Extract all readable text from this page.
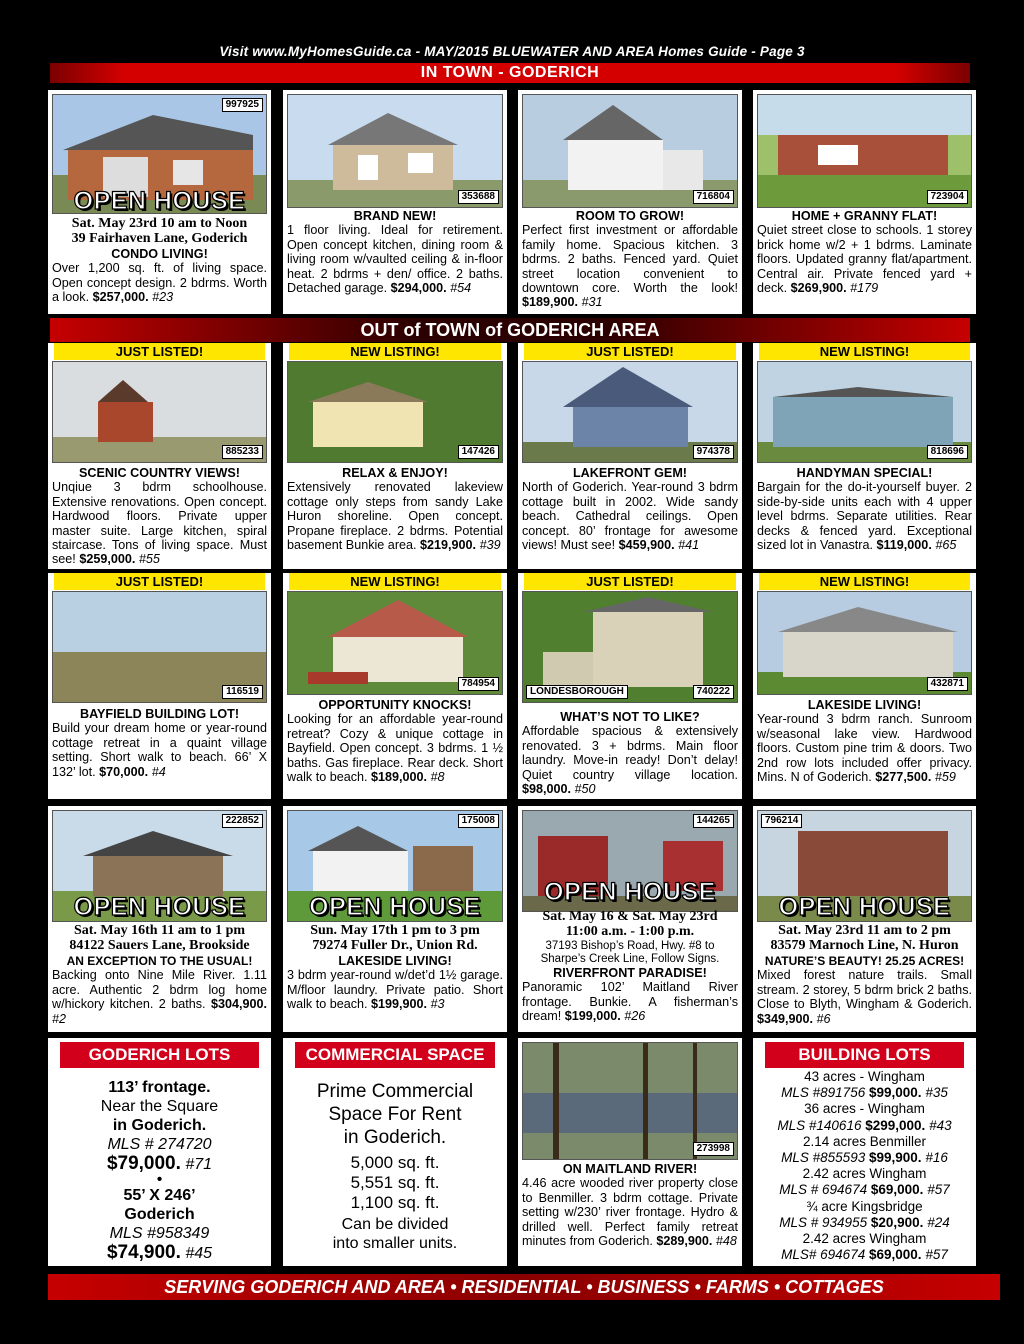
Visit www.MyHomesGuide.ca - MAY/2015 BLUEWATER AND AREA Homes Guide - Page 3
IN TOWN - GODERICH
OUT of TOWN of GODERICH AREA
997925
OPEN HOUSE
Sat. May 23rd 10 am to Noon
39 Fairhaven Lane, Goderich
CONDO LIVING!
Over 1,200 sq. ft. of living space. Open concept design. 2 bdrms. Worth a look. $257,000. #23
353688
BRAND NEW!
1 floor living. Ideal for retirement. Open concept kitchen, dining room & living room w/vaulted ceiling & in-floor heat. 2 bdrms + den/ office. 2 baths. Detached garage. $294,000. #54
716804
ROOM TO GROW!
Perfect first investment or affordable family home. Spacious kitchen. 3 bdrms. 2 baths. Fenced yard. Quiet street location convenient to downtown core. Worth the look! $189,900. #31
723904
HOME + GRANNY FLAT!
Quiet street close to schools. 1 storey brick home w/2 + 1 bdrms. Laminate floors. Updated granny flat/apartment. Central air. Private fenced yard + deck. $269,900. #179
JUST LISTED!
885233
SCENIC COUNTRY VIEWS!
Unqiue 3 bdrm schoolhouse. Extensive renovations. Open concept. Hardwood floors. Private upper master suite. Large kitchen, spiral staircase. Tons of living space. Must see! $259,000. #55
NEW LISTING!
147426
RELAX & ENJOY!
Extensively renovated lakeview cottage only steps from sandy Lake Huron shoreline. Open concept. Propane fireplace. 2 bdrms. Potential basement Bunkie area. $219,900. #39
JUST LISTED!
974378
LAKEFRONT GEM!
North of Goderich. Year-round 3 bdrm cottage built in 2002. Wide sandy beach. Cathedral ceilings. Open concept. 80’ frontage for awesome views! Must see! $459,900. #41
NEW LISTING!
818696
HANDYMAN SPECIAL!
Bargain for the do-it-yourself buyer. 2 side-by-side units each with 4 upper level bdrms. Separate utilities. Rear decks & fenced yard. Exceptional sized lot in Vanastra. $119,000. #65
JUST LISTED!
116519
BAYFIELD BUILDING LOT!
Build your dream home or year-round cottage retreat in a quaint village setting. Short walk to beach. 66’ X 132’ lot. $70,000. #4
NEW LISTING!
784954
OPPORTUNITY KNOCKS!
Looking for an affordable year-round retreat? Cozy & unique cottage in Bayfield. Open concept. 3 bdrms. 1 ½ baths. Gas fireplace. Rear deck. Short walk to beach. $189,000. #8
JUST LISTED!
740222
LONDESBOROUGH
WHAT’S NOT TO LIKE?
Affordable spacious & extensively renovated. 3 + bdrms. Main floor laundry. Move-in ready! Don’t delay! Quiet country village location. $98,000. #50
NEW LISTING!
432871
LAKESIDE LIVING!
Year-round 3 bdrm ranch. Sunroom w/seasonal lake view. Hardwood floors. Custom pine trim & doors. Two 2nd row lots included offer privacy. Mins. N of Goderich. $277,500. #59
222852
OPEN HOUSE
Sat. May 16th 11 am to 1 pm
84122 Sauers Lane, Brookside
AN EXCEPTION TO THE USUAL!
Backing onto Nine Mile River. 1.11 acre. Authentic 2 bdrm log home w/hickory kitchen. 2 baths. $304,900. #2
175008
OPEN HOUSE
Sun. May 17th 1 pm to 3 pm
79274 Fuller Dr., Union Rd.
LAKESIDE LIVING!
3 bdrm year-round w/det’d 1½ garage. M/floor laundry. Private patio. Short walk to beach. $199,900. #3
144265
OPEN HOUSE
Sat. May 16 & Sat. May 23rd
11:00 a.m. - 1:00 p.m.
37193 Bishop’s Road, Hwy. #8 to
Sharpe’s Creek Line, Follow Signs.
RIVERFRONT PARADISE!
Panoramic 102’ Maitland River frontage. Bunkie. A fisherman’s dream! $199,000. #26
796214
OPEN HOUSE
Sat. May 23rd 11 am to 2 pm
83579 Marnoch Line, N. Huron
NATURE’S BEAUTY! 25.25 ACRES!
Mixed forest nature trails. Small stream. 2 storey, 5 bdrm brick 2 baths. Close to Blyth, Wingham & Goderich. $349,900. #6
GODERICH LOTS
113’ frontage.
Near the Square
in Goderich.
MLS # 274720
$79,000. #71
•
55’ X 246’
Goderich
MLS #958349
$74,900. #45
COMMERCIAL SPACE
Prime Commercial
Space For Rent
in Goderich.
5,000 sq. ft.
5,551 sq. ft.
1,100 sq. ft.
Can be divided
into smaller units.
273998
ON MAITLAND RIVER!
4.46 acre wooded river property close to Benmiller. 3 bdrm cottage. Private setting w/230’ river frontage. Hydro & drilled well. Perfect family retreat minutes from Goderich. $289,900. #48
BUILDING LOTS
43 acres - Wingham
MLS #891756 $99,000. #35
36 acres - Wingham
MLS #140616 $299,000. #43
2.14 acres Benmiller
MLS #855593 $99,900. #16
2.42 acres Wingham
MLS # 694674 $69,000. #57
¾ acre Kingsbridge
MLS # 934955 $20,900. #24
2.42 acres Wingham
MLS# 694674 $69,000. #57
SERVING GODERICH AND AREA • RESIDENTIAL • BUSINESS • FARMS • COTTAGES
